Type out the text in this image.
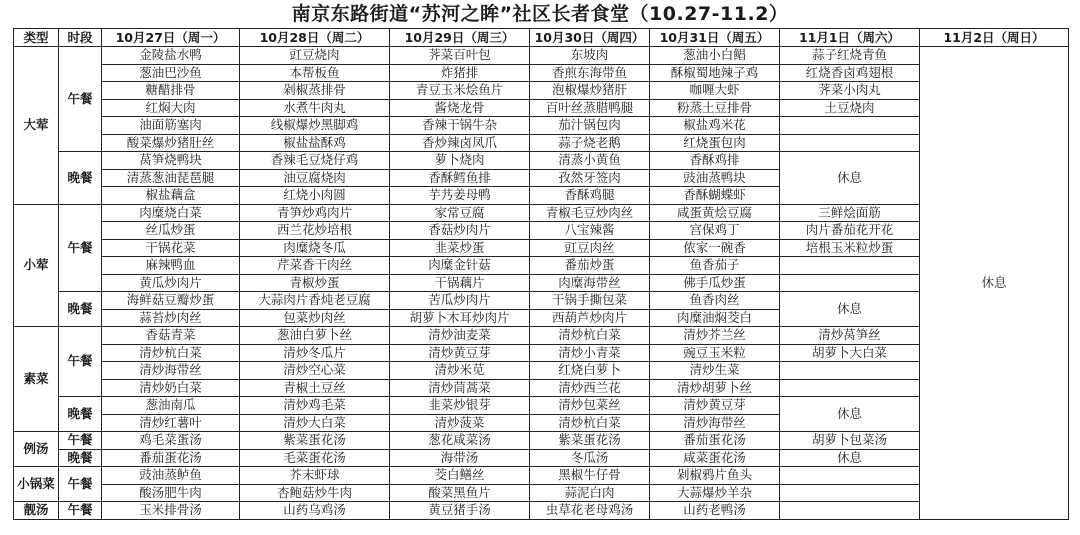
南京东路街道“苏河之眸”社区长者食堂（10.27-11.2）
类型	时段	10月27日（周一）	10月28日（周二）	10月29日（周三）	10月30日（周四）	10月31日（周五）	11月1日（周六）	11月2日（周日）
大荤	午餐	金陵盐水鸭	豇豆烧肉	荠菜百叶包	东坡肉	葱油小白鲳	蒜子红烧青鱼	休息
		葱油巴沙鱼	本帮板鱼	炸猪排	香煎东海带鱼	酥椒蜀地辣子鸡	红烧香卤鸡翅根	
		糖醋排骨	剁椒蒸排骨	青豆玉米烩鱼片	泡椒爆炒猪肝	咖喱大虾	荠菜小肉丸	
		红焖大肉	水煮牛肉丸	酱烧龙骨	百叶丝蒸腊鸭腿	粉蒸土豆排骨	土豆烧肉	
		油面筋塞肉	线椒爆炒黑脚鸡	香辣干锅牛杂	茄汁锅包肉	椒盐鸡米花		
		酸菜爆炒猪肚丝	椒盐盐酥鸡	香炒辣卤凤爪	蒜子烧老鹅	红烧蛋包肉		
	晚餐	莴笋烧鸭块	香辣毛豆烧仔鸡	萝卜烧肉	清蒸小黄鱼	香酥鸡排	休息	
		清蒸葱油琵琶腿	油豆腐烧肉	香酥鳕鱼排	孜然牙签肉	豉油蒸鸭块		
		椒盐藕盒	红烧小肉圆	芋艿姜母鸭	香酥鸡腿	香酥蝴蝶虾		
小荤	午餐	肉糜烧白菜	青笋炒鸡肉片	家常豆腐	青椒毛豆炒肉丝	咸蛋黄烩豆腐	三鲜烩面筋	
		丝瓜炒蛋	西兰花炒培根	香菇炒肉片	八宝辣酱	宫保鸡丁	肉片番茄花开花	
		干锅花菜	肉糜烧冬瓜	韭菜炒蛋	豇豆肉丝	侬家一碗香	培根玉米粒炒蛋	
		麻辣鸭血	芹菜香干肉丝	肉糜金针菇	番茄炒蛋	鱼香茄子		
		黄瓜炒肉片	青椒炒蛋	干锅藕片	肉糜海带丝	佛手瓜炒蛋		
	晚餐	海鲜菇豆瓣炒蛋	大蒜肉片香炖老豆腐	苦瓜炒肉片	干锅手撕包菜	鱼香肉丝	休息	
		蒜苔炒肉丝	包菜炒肉丝	胡萝卜木耳炒肉片	西葫芦炒肉片	肉糜油焖茭白		
素菜	午餐	香菇青菜	葱油白萝卜丝	清炒油麦菜	清炒杭白菜	清炒芥兰丝	清炒莴笋丝	
		清炒杭白菜	清炒冬瓜片	清炒黄豆芽	清炒小青菜	豌豆玉米粒	胡萝卜大白菜	
		清炒海带丝	清炒空心菜	清炒米苋	红烧白萝卜	清炒生菜		
		清炒奶白菜	青椒土豆丝	清炒茼蒿菜	清炒西兰花	清炒胡萝卜丝		
	晚餐	葱油南瓜	清炒鸡毛菜	韭菜炒银芽	清炒包菜丝	清炒黄豆芽	休息	
		清炒红薯叶	清炒大白菜	清炒菠菜	清炒杭白菜	清炒海带丝		
例汤	午餐	鸡毛菜蛋汤	紫菜蛋花汤	葱花咸菜汤	紫菜蛋花汤	番茄蛋花汤	胡萝卜包菜汤	
	晚餐	番茄蛋花汤	毛菜蛋花汤	海带汤	冬瓜汤	咸菜蛋花汤	休息	
小锅菜	午餐	豉油蒸鲈鱼	芥末虾球	茭白鳝丝	黑椒牛仔骨	剁椒鸦片鱼头		
		酸汤肥牛肉	杏鲍菇炒牛肉	酸菜黑鱼片	蒜泥白肉	大蒜爆炒羊杂		
靓汤	午餐	玉米排骨汤	山药乌鸡汤	黄豆猪手汤	虫草花老母鸡汤	山药老鸭汤		
